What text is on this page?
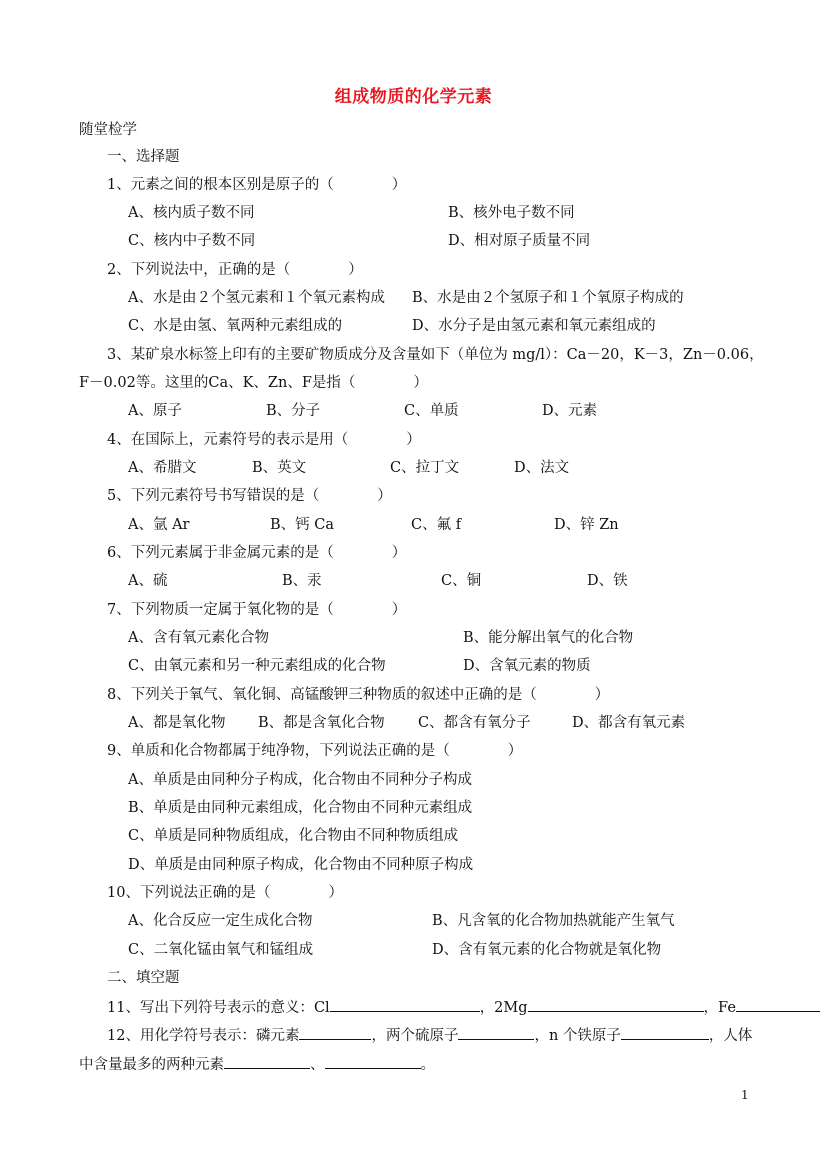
组成物质的化学元素
随堂检学
一、选择题
1、元素之间的根本区别是原子的（　　　　）
A、核内质子数不同	B、核外电子数不同
C、核内中子数不同	D、相对原子质量不同
2、下列说法中，正确的是（　　　　）
A、水是由２个氢元素和１个氧元素构成 B、水是由２个氢原子和１个氧原子构成的
C、水是由氢、氧两种元素组成的	D、水分子是由氢元素和氧元素组成的
3、某矿泉水标签上印有的主要矿物质成分及含量如下（单位为 mg/l）：Ca－20，K－3，Zn－0.06，
F－0.02等。这里的Ca、K、Zn、F是指（　　　　）
A、原子	B、分子	C、单质	D、元素
4、在国际上，元素符号的表示是用（　　　　）
A、希腊文	B、英文	C、拉丁文	D、法文
5、下列元素符号书写错误的是（　　　　）
A、氩 Ar	B、钙 Ca	C、氟 f	D、锌 Zn
6、下列元素属于非金属元素的是（　　　　）
A、硫	B、汞	C、铜	D、铁
7、下列物质一定属于氧化物的是（　　　　）
A、含有氧元素化合物	B、能分解出氧气的化合物
C、由氧元素和另一种元素组成的化合物	D、含氧元素的物质
8、下列关于氧气、氧化铜、高锰酸钾三种物质的叙述中正确的是（　　　　）
A、都是氧化物 B、都是含氧化合物 C、都含有氧分子	D、都含有氧元素
9、单质和化合物都属于纯净物，下列说法正确的是（　　　　）
A、单质是由同种分子构成，化合物由不同种分子构成
B、单质是由同种元素组成，化合物由不同种元素组成
C、单质是同种物质组成，化合物由不同种物质组成
D、单质是由同种原子构成，化合物由不同种原子构成
10、下列说法正确的是（　　　　）
A、化合反应一定生成化合物	B、凡含氧的化合物加热就能产生氧气
C、二氧化锰由氧气和锰组成	D、含有氧元素的化合物就是氧化物
二、填空题
11、写出下列符号表示的意义：Cl	，2Mg	，Fe
12、用化学符号表示：磷元素	，两个硫原子	，n 个铁原子	，人体
中含量最多的两种元素	、	。
1
